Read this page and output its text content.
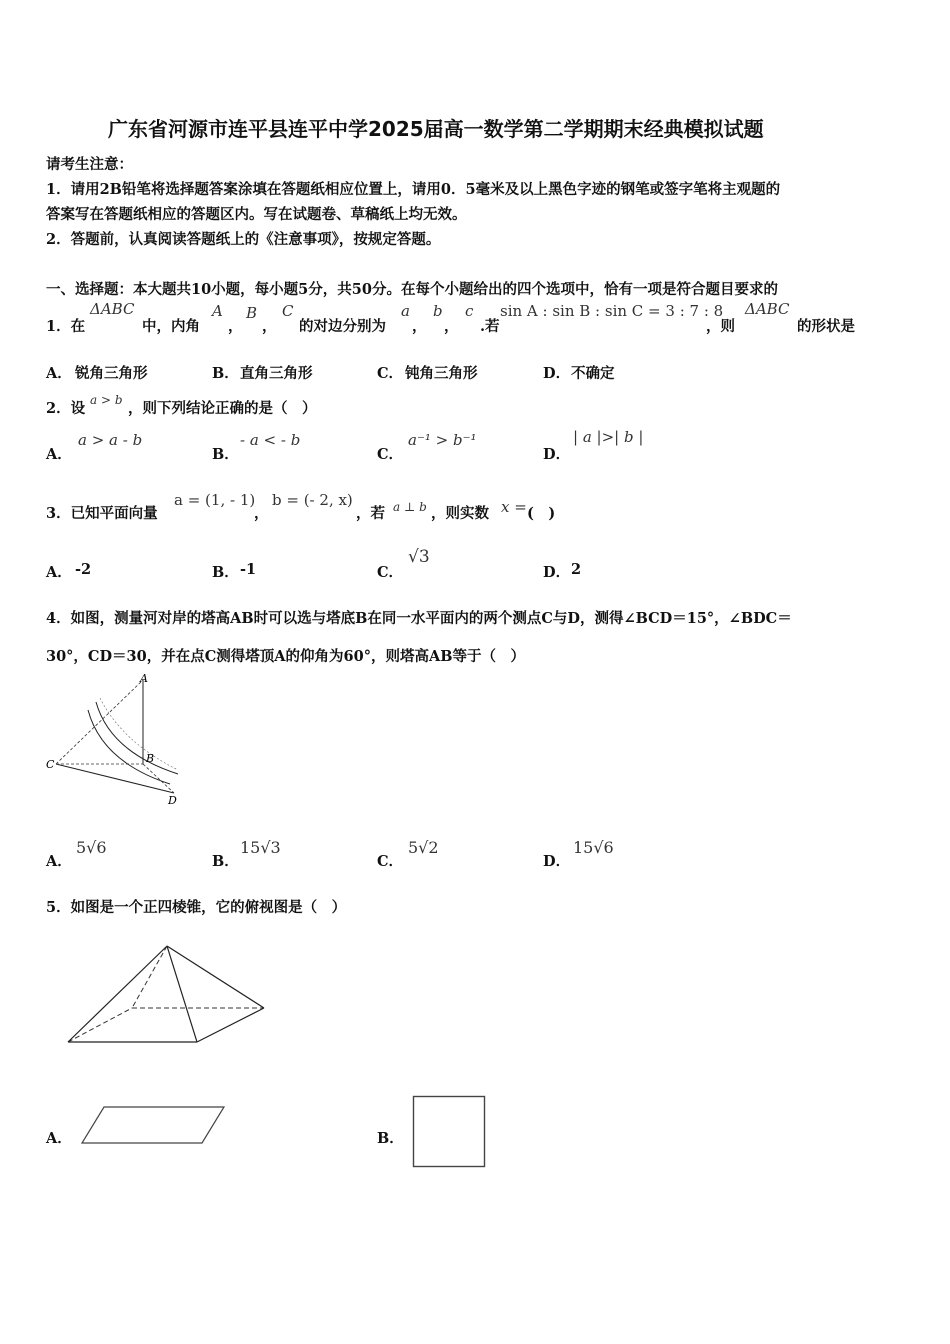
广东省河源市连平县连平中学2025届高一数学第二学期期末经典模拟试题
请考生注意：
1．请用2B铅笔将选择题答案涂填在答题纸相应位置上，请用0．5毫米及以上黑色字迹的钢笔或签字笔将主观题的
答案写在答题纸相应的答题区内。写在试题卷、草稿纸上均无效。
2．答题前，认真阅读答题纸上的《注意事项》，按规定答题。
一、选择题：本大题共10小题，每小题5分，共50分。在每个小题给出的四个选项中，恰有一项是符合题目要求的
1．在
ΔABC
中，内角
A
，
B
，
C
的对边分别为
a
，
b
，
c
.若
sin A : sin B : sin C = 3 : 7 : 8
，则
ΔABC
的形状是
A． 锐角三角形	B． 直角三角形	C． 钝角三角形	D． 不确定
2．设 a > b ，则下列结论正确的是（　）
A．
a > a - b
B．
- a < - b
C．
a⁻¹ > b⁻¹
D．
| a |>| b |
3．已知平面向量
a = (1, - 1)
，
b = (- 2, x)
，若 a ⊥ b ，则实数 x = (　)
A． -2	B． -1	C．
√3
D． 2
4．如图，测量河对岸的塔高AB时可以选与塔底B在同一水平面内的两个测点C与D，测得∠BCD＝15°，∠BDC＝
30°，CD＝30，并在点C测得塔顶A的仰角为60°，则塔高AB等于（　）
A
B
C
D
A．
5√6
B．
15√3
C．
5√2
D．
15√6
5．如图是一个正四棱锥，它的俯视图是（　）
A．	B．
